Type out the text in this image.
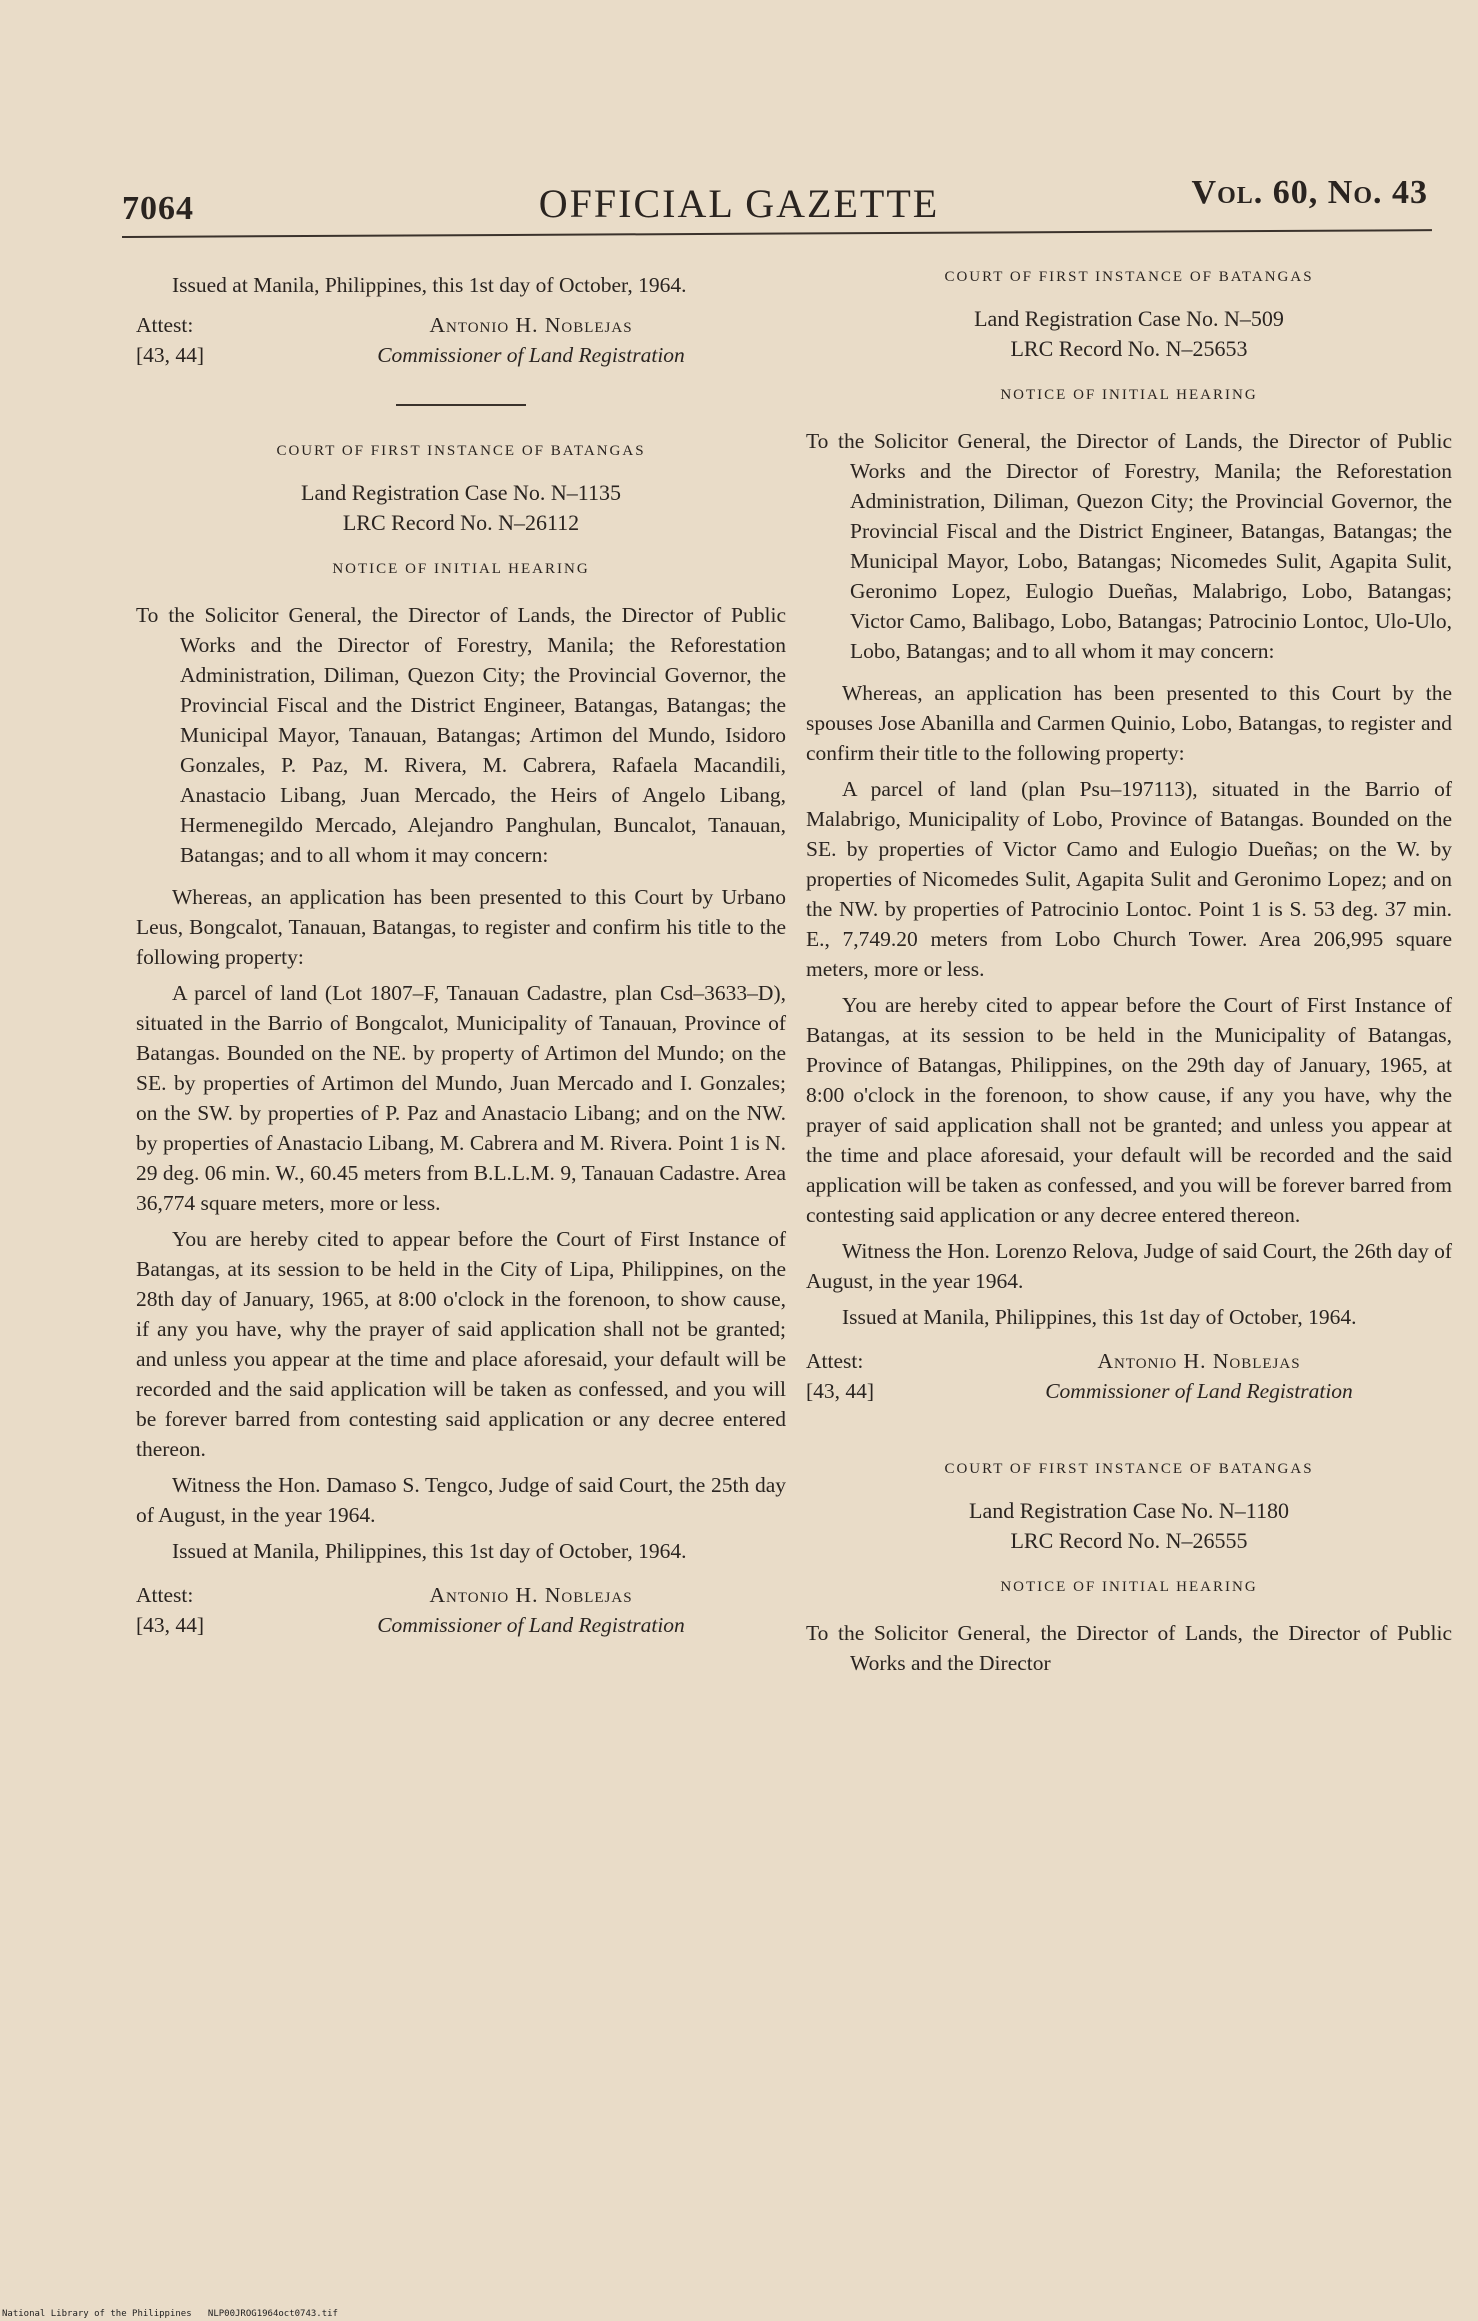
7064	OFFICIAL GAZETTE	Vol. 60, No. 43

Issued at Manila, Philippines, this 1st day of October, 1964.

Attest:	Antonio H. Noblejas
[43, 44]	Commissioner of Land Registration

COURT OF FIRST INSTANCE OF BATANGAS

Land Registration Case No. N–1135

LRC Record No. N–26112

NOTICE OF INITIAL HEARING

To the Solicitor General, the Director of Lands, the Director of Public Works and the Director of Forestry, Manila; the Reforestation Administration, Diliman, Quezon City; the Provincial Governor, the Provincial Fiscal and the District Engineer, Batangas, Batangas; the Municipal Mayor, Tanauan, Batangas; Artimon del Mundo, Isidoro Gonzales, P. Paz, M. Rivera, M. Cabrera, Rafaela Macandili, Anastacio Libang, Juan Mercado, the Heirs of Angelo Libang, Hermenegildo Mercado, Alejandro Panghulan, Buncalot, Tanauan, Batangas; and to all whom it may concern:

Whereas, an application has been presented to this Court by Urbano Leus, Bongcalot, Tanauan, Batangas, to register and confirm his title to the following property:

A parcel of land (Lot 1807–F, Tanauan Cadastre, plan Csd–3633–D), situated in the Barrio of Bongcalot, Municipality of Tanauan, Province of Batangas. Bounded on the NE. by property of Artimon del Mundo; on the SE. by properties of Artimon del Mundo, Juan Mercado and I. Gonzales; on the SW. by properties of P. Paz and Anastacio Libang; and on the NW. by properties of Anastacio Libang, M. Cabrera and M. Rivera. Point 1 is N. 29 deg. 06 min. W., 60.45 meters from B.L.L.M. 9, Tanauan Cadastre. Area 36,774 square meters, more or less.

You are hereby cited to appear before the Court of First Instance of Batangas, at its session to be held in the City of Lipa, Philippines, on the 28th day of January, 1965, at 8:00 o'clock in the forenoon, to show cause, if any you have, why the prayer of said application shall not be granted; and unless you appear at the time and place aforesaid, your default will be recorded and the said application will be taken as confessed, and you will be forever barred from contesting said application or any decree entered thereon.

Witness the Hon. Damaso S. Tengco, Judge of said Court, the 25th day of August, in the year 1964.

Issued at Manila, Philippines, this 1st day of October, 1964.

Attest:	Antonio H. Noblejas
[43, 44]	Commissioner of Land Registration

COURT OF FIRST INSTANCE OF BATANGAS

Land Registration Case No. N–509

LRC Record No. N–25653

NOTICE OF INITIAL HEARING

To the Solicitor General, the Director of Lands, the Director of Public Works and the Director of Forestry, Manila; the Reforestation Administration, Diliman, Quezon City; the Provincial Governor, the Provincial Fiscal and the District Engineer, Batangas, Batangas; the Municipal Mayor, Lobo, Batangas; Nicomedes Sulit, Agapita Sulit, Geronimo Lopez, Eulogio Dueñas, Malabrigo, Lobo, Batangas; Victor Camo, Balibago, Lobo, Batangas; Patrocinio Lontoc, Ulo-Ulo, Lobo, Batangas; and to all whom it may concern:

Whereas, an application has been presented to this Court by the spouses Jose Abanilla and Carmen Quinio, Lobo, Batangas, to register and confirm their title to the following property:

A parcel of land (plan Psu–197113), situated in the Barrio of Malabrigo, Municipality of Lobo, Province of Batangas. Bounded on the SE. by properties of Victor Camo and Eulogio Dueñas; on the W. by properties of Nicomedes Sulit, Agapita Sulit and Geronimo Lopez; and on the NW. by properties of Patrocinio Lontoc. Point 1 is S. 53 deg. 37 min. E., 7,749.20 meters from Lobo Church Tower. Area 206,995 square meters, more or less.

You are hereby cited to appear before the Court of First Instance of Batangas, at its session to be held in the Municipality of Batangas, Province of Batangas, Philippines, on the 29th day of January, 1965, at 8:00 o'clock in the forenoon, to show cause, if any you have, why the prayer of said application shall not be granted; and unless you appear at the time and place aforesaid, your default will be recorded and the said application will be taken as confessed, and you will be forever barred from contesting said application or any decree entered thereon.

Witness the Hon. Lorenzo Relova, Judge of said Court, the 26th day of August, in the year 1964.

Issued at Manila, Philippines, this 1st day of October, 1964.

Attest:	Antonio H. Noblejas
[43, 44]	Commissioner of Land Registration

COURT OF FIRST INSTANCE OF BATANGAS

Land Registration Case No. N–1180

LRC Record No. N–26555

NOTICE OF INITIAL HEARING

To the Solicitor General, the Director of Lands, the Director of Public Works and the Director

National Library of the Philippines NLP00JROG1964oct0743.tif
